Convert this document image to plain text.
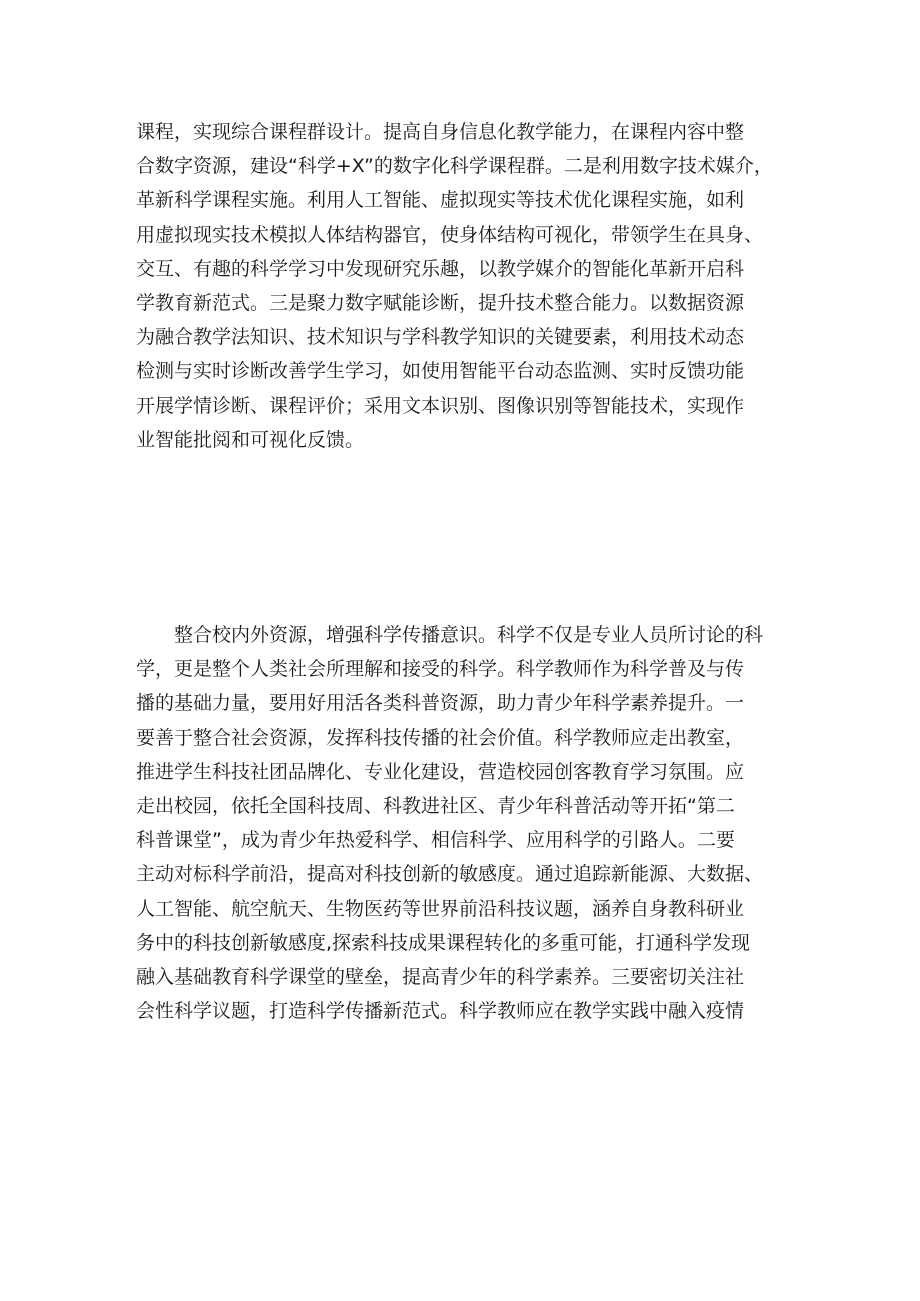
课程，实现综合课程群设计。提高自身信息化教学能力，在课程内容中整
合数字资源，建设“科学+X”的数字化科学课程群。二是利用数字技术媒介，
革新科学课程实施。利用人工智能、虚拟现实等技术优化课程实施，如利
用虚拟现实技术模拟人体结构器官，使身体结构可视化，带领学生在具身、
交互、有趣的科学学习中发现研究乐趣，以教学媒介的智能化革新开启科
学教育新范式。三是聚力数字赋能诊断，提升技术整合能力。以数据资源
为融合教学法知识、技术知识与学科教学知识的关键要素，利用技术动态
检测与实时诊断改善学生学习，如使用智能平台动态监测、实时反馈功能
开展学情诊断、课程评价；采用文本识别、图像识别等智能技术，实现作
业智能批阅和可视化反馈。

　　整合校内外资源，增强科学传播意识。科学不仅是专业人员所讨论的科
学，更是整个人类社会所理解和接受的科学。科学教师作为科学普及与传
播的基础力量，要用好用活各类科普资源，助力青少年科学素养提升。一
要善于整合社会资源，发挥科技传播的社会价值。科学教师应走出教室，
推进学生科技社团品牌化、专业化建设，营造校园创客教育学习氛围。应
走出校园，依托全国科技周、科教进社区、青少年科普活动等开拓“第二
科普课堂”，成为青少年热爱科学、相信科学、应用科学的引路人。二要
主动对标科学前沿，提高对科技创新的敏感度。通过追踪新能源、大数据、
人工智能、航空航天、生物医药等世界前沿科技议题，涵养自身教科研业
务中的科技创新敏感度,探索科技成果课程转化的多重可能，打通科学发现
融入基础教育科学课堂的壁垒，提高青少年的科学素养。三要密切关注社
会性科学议题，打造科学传播新范式。科学教师应在教学实践中融入疫情
